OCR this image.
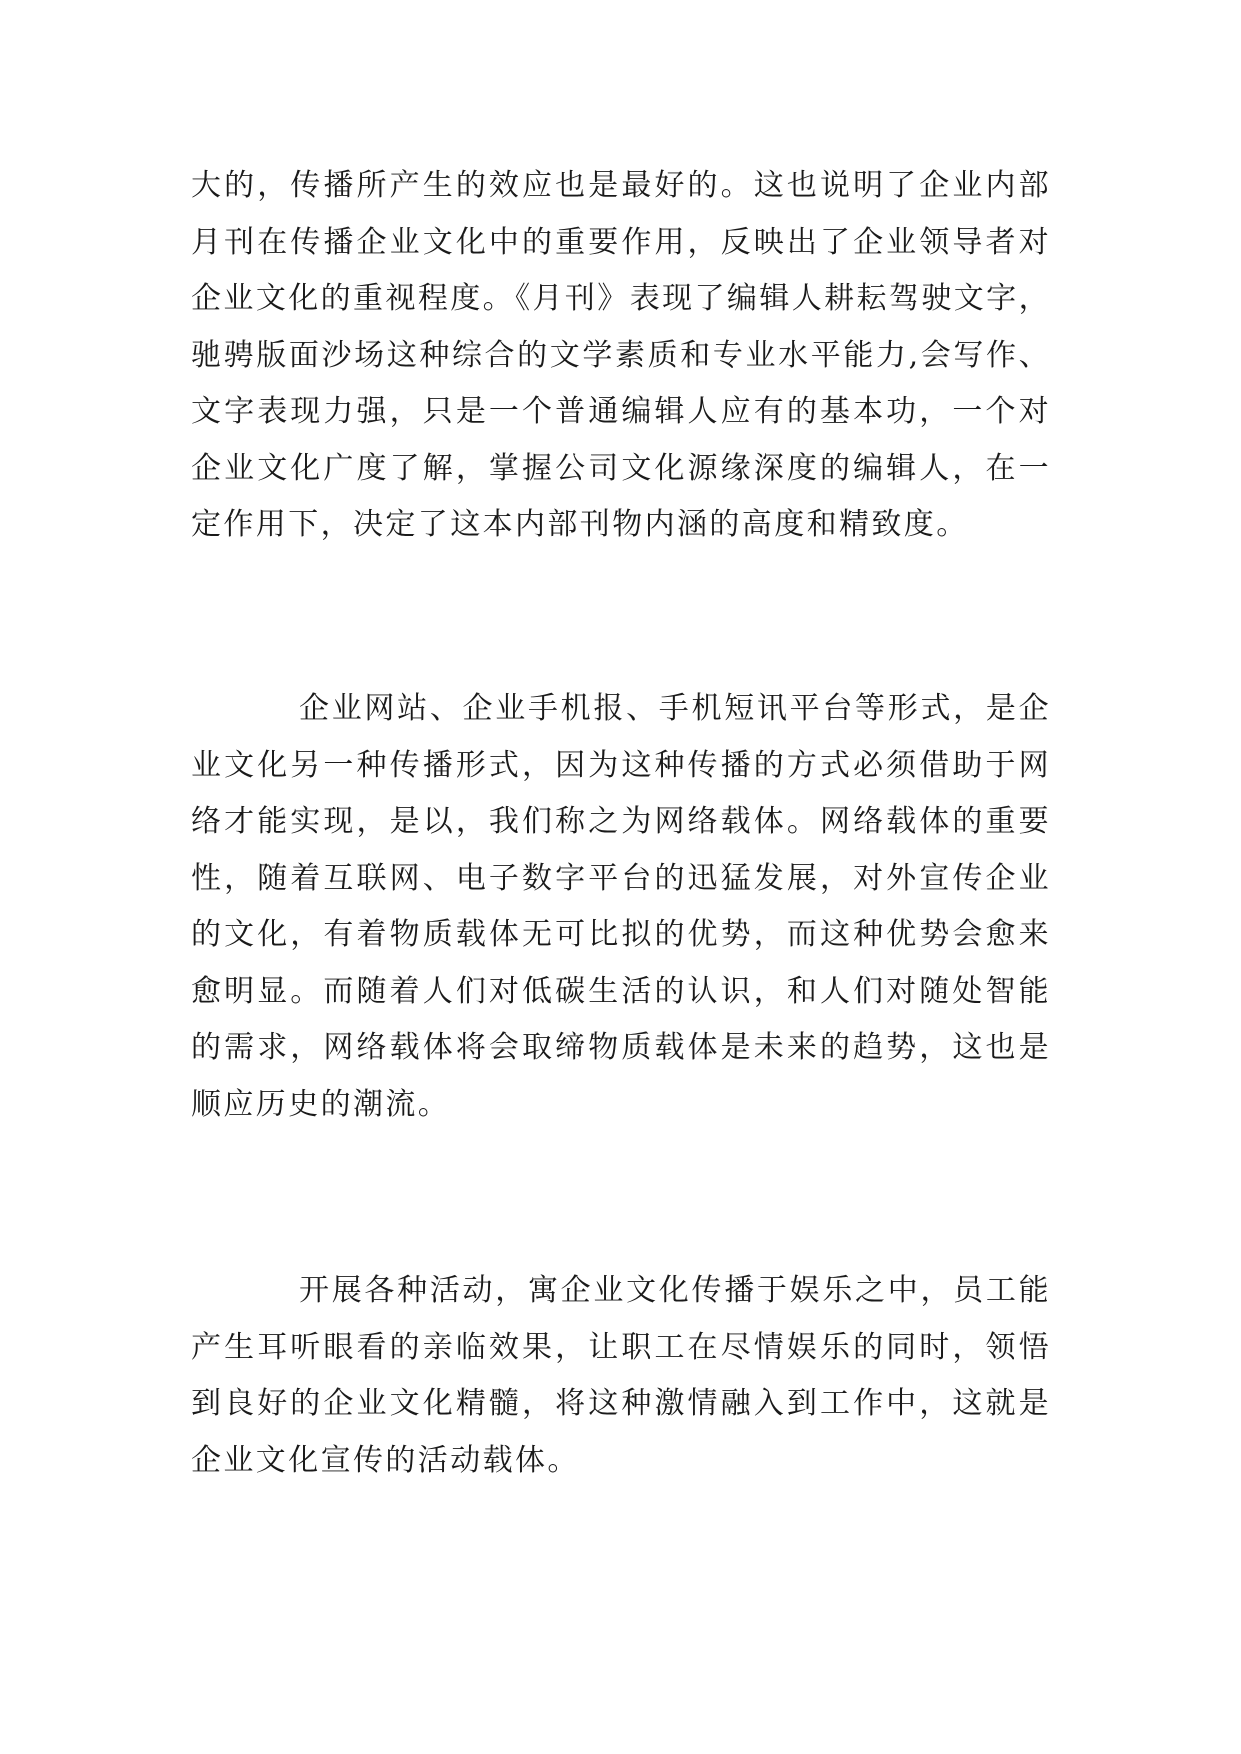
大的，传播所产生的效应也是最好的。这也说明了企业内部月刊在传播企业文化中的重要作用，反映出了企业领导者对企业文化的重视程度。《月刊》表现了编辑人耕耘驾驶文字，驰骋版面沙场这种综合的文学素质和专业水平能力,会写作、文字表现力强，只是一个普通编辑人应有的基本功，一个对企业文化广度了解，掌握公司文化源缘深度的编辑人，在一定作用下，决定了这本内部刊物内涵的高度和精致度。

企业网站、企业手机报、手机短讯平台等形式，是企业文化另一种传播形式，因为这种传播的方式必须借助于网络才能实现，是以，我们称之为网络载体。网络载体的重要性，随着互联网、电子数字平台的迅猛发展，对外宣传企业的文化，有着物质载体无可比拟的优势，而这种优势会愈来愈明显。而随着人们对低碳生活的认识，和人们对随处智能的需求，网络载体将会取缔物质载体是未来的趋势，这也是顺应历史的潮流。

开展各种活动，寓企业文化传播于娱乐之中，员工能产生耳听眼看的亲临效果，让职工在尽情娱乐的同时，领悟到良好的企业文化精髓，将这种激情融入到工作中，这就是企业文化宣传的活动载体。
